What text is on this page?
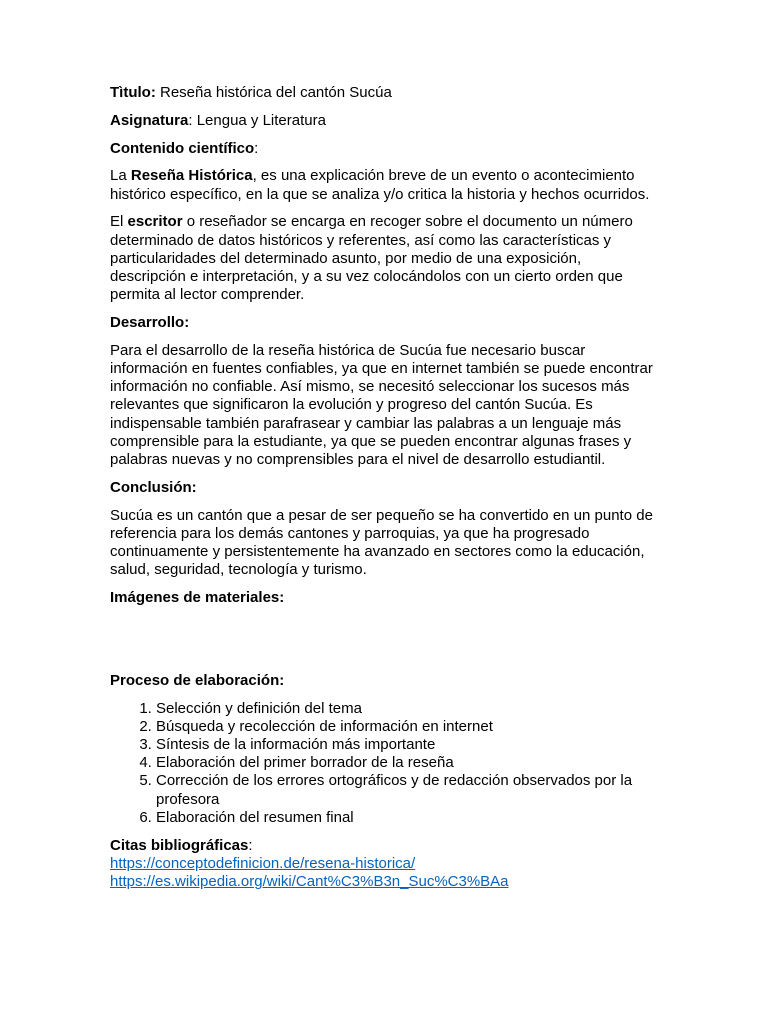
Tìtulo: Reseña histórica del cantón Sucúa

Asignatura: Lengua y Literatura

Contenido científico:

La Reseña Histórica, es una explicación breve de un evento o acontecimiento histórico específico, en la que se analiza y/o critica la historia y hechos ocurridos.

El escritor o reseñador se encarga en recoger sobre el documento un número determinado de datos históricos y referentes, así como las características y particularidades del determinado asunto, por medio de una exposición, descripción e interpretación, y a su vez colocándolos con un cierto orden que permita al lector comprender.

Desarrollo:

Para el desarrollo de la reseña histórica de Sucúa fue necesario buscar información en fuentes confiables, ya que en internet también se puede encontrar información no confiable. Así mismo, se necesitó seleccionar los sucesos más relevantes que significaron la evolución y progreso del cantón Sucúa. Es indispensable también parafrasear y cambiar las palabras a un lenguaje más comprensible para la estudiante, ya que se pueden encontrar algunas frases y palabras nuevas y no comprensibles para el nivel de desarrollo estudiantil.

Conclusión:

Sucúa es un cantón que a pesar de ser pequeño se ha convertido en un punto de referencia para los demás cantones y parroquias, ya que ha progresado continuamente y persistentemente ha avanzado en sectores como la educación, salud, seguridad, tecnología y turismo.

Imágenes de materiales:

Proceso de elaboración:

1. Selección y definición del tema
2. Búsqueda y recolección de información en internet
3. Síntesis de la información más importante
4. Elaboración del primer borrador de la reseña
5. Corrección de los errores ortográficos y de redacción observados por la profesora
6. Elaboración del resumen final
Citas bibliográficas:
https://conceptodefinicion.de/resena-historica/
https://es.wikipedia.org/wiki/Cant%C3%B3n_Suc%C3%BAa
